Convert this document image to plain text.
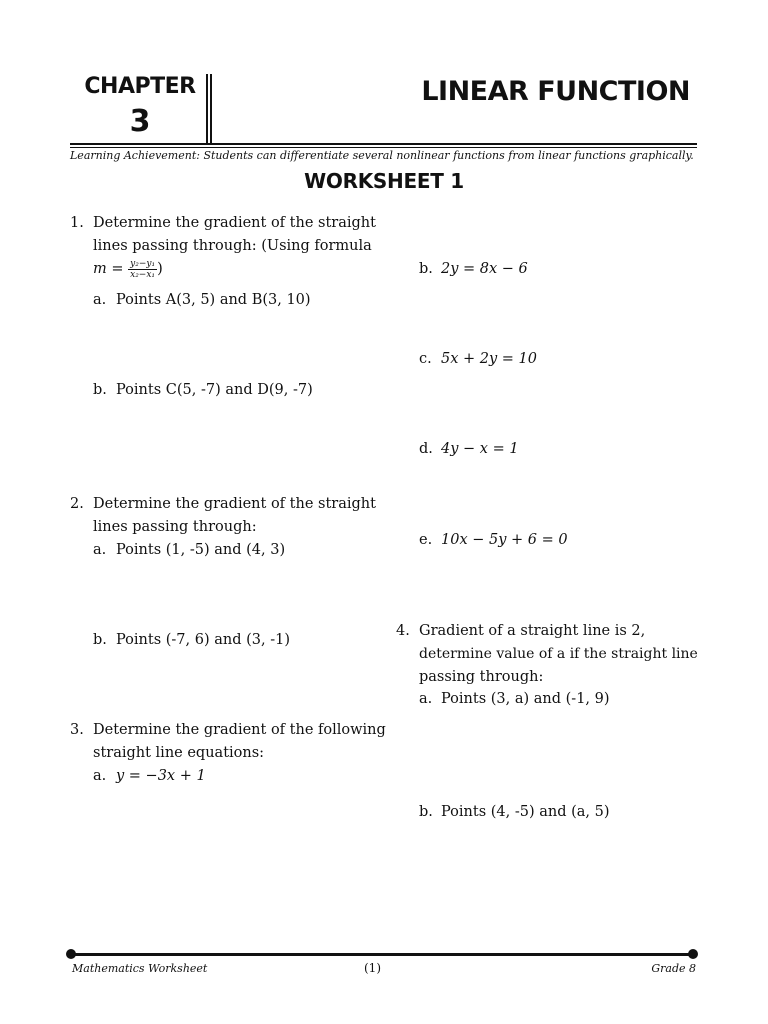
CHAPTER
3
LINEAR FUNCTION
Learning Achievement: Students can differentiate several nonlinear functions from linear functions graphically.
WORKSHEET 1
1. Determine the gradient of the straight
lines passing through: (Using formula
$m = \frac{\text{y₂−y₁}}{\text{x₂−x₁}}$ )
a. Points A(3, 5) and B(3, 10)
b. Points C(5, -7) and D(9, -7)
2. Determine the gradient of the straight
lines passing through:
a. Points (1, -5) and (4, 3)
b. Points (-7, 6) and (3, -1)
3. Determine the gradient of the following
straight line equations:
a. y = −3x + 1
b. 2y = 8x − 6
c. 5x + 2y = 10
d. 4y − x = 1
e. 10x − 5y + 6 = 0
4. Gradient of a straight line is 2,
determine value of a if the straight line
passing through:
a. Points (3, a) and (-1, 9)
b. Points (4, -5) and (a, 5)
Mathematics Worksheet	(1)	Grade 8
